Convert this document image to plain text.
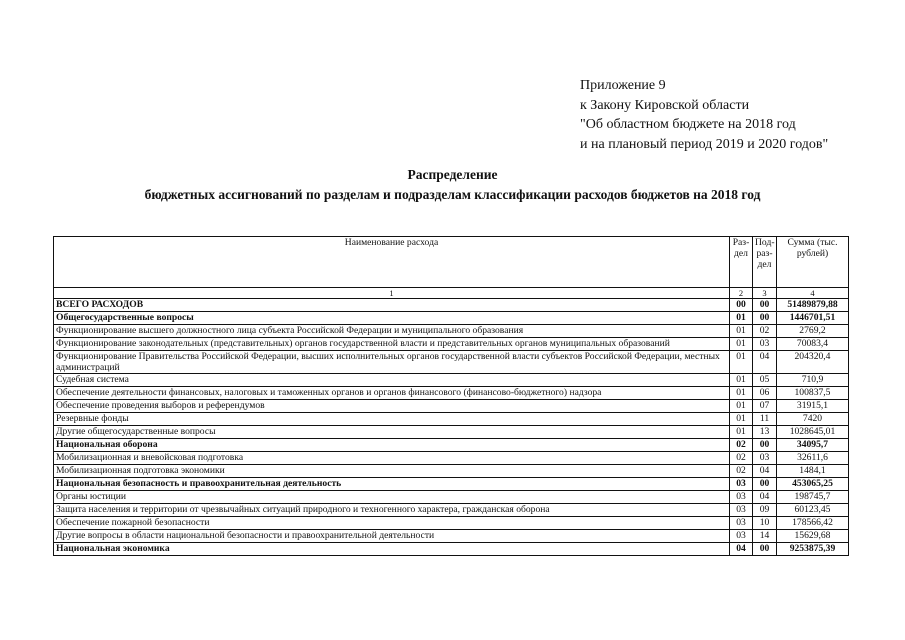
Приложение 9
к Закону Кировской области
"Об областном бюджете на 2018 год
и на плановый период 2019 и 2020 годов"
Распределение
бюджетных ассигнований по разделам и подразделам классификации расходов бюджетов на 2018 год
Наименование расхода	Раз-дел	Под-раз-дел	Сумма (тыс. рублей)
1	2	3	4
ВСЕГО РАСХОДОВ	00	00	51489879,88
Общегосударственные вопросы	01	00	1446701,51
Функционирование высшего должностного лица субъекта Российской Федерации и муниципального образования	01	02	2769,2
Функционирование законодательных (представительных) органов государственной власти и представительных органов муниципальных образований	01	03	70083,4
Функционирование Правительства Российской Федерации, высших исполнительных органов государственной власти субъектов Российской Федерации, местных администраций	01	04	204320,4
Судебная система	01	05	710,9
Обеспечение деятельности финансовых, налоговых и таможенных органов и органов финансового (финансово-бюджетного) надзора	01	06	100837,5
Обеспечение проведения выборов и референдумов	01	07	31915,1
Резервные фонды	01	11	7420
Другие общегосударственные вопросы	01	13	1028645,01
Национальная оборона	02	00	34095,7
Мобилизационная и вневойсковая подготовка	02	03	32611,6
Мобилизационная подготовка экономики	02	04	1484,1
Национальная безопасность и правоохранительная деятельность	03	00	453065,25
Органы юстиции	03	04	198745,7
Защита населения и территории от чрезвычайных ситуаций природного и техногенного характера, гражданская оборона	03	09	60123,45
Обеспечение пожарной безопасности	03	10	178566,42
Другие вопросы в области национальной безопасности и правоохранительной деятельности	03	14	15629,68
Национальная экономика	04	00	9253875,39
